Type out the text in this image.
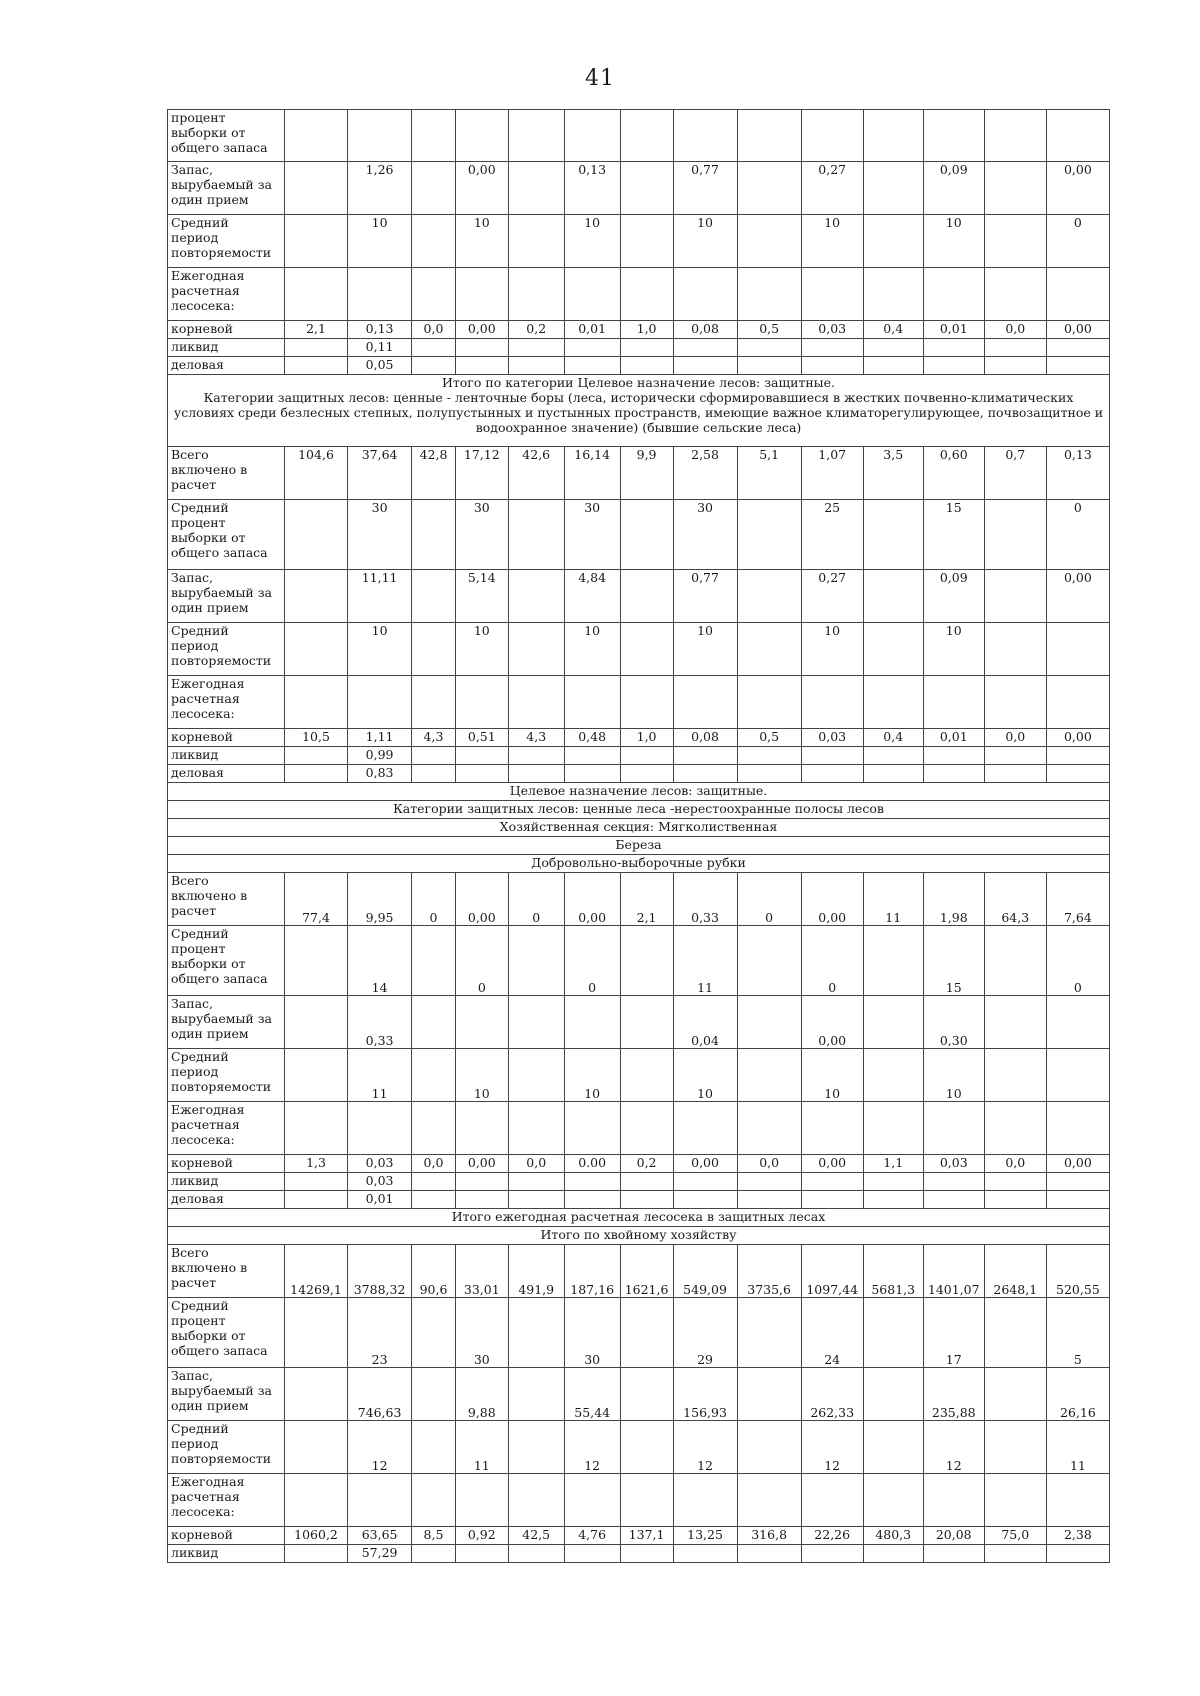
41
процент
выборки от
общего запаса														
Запас,
вырубаемый за
один прием		1,26		0,00		0,13		0,77		0,27		0,09		0,00
Средний
период
повторяемости		10		10		10		10		10		10		0
Ежегодная
расчетная
лесосека:														
корневой	2,1	0,13	0,0	0,00	0,2	0,01	1,0	0,08	0,5	0,03	0,4	0,01	0,0	0,00
ликвид		0,11												
деловая		0,05												

Итого по категории Целевое назначение лесов: защитные.
Категории защитных лесов: ценные - ленточные боры (леса, исторически сформировавшиеся в жестких почвенно-климатических условиях среди безлесных степных, полупустынных и пустынных пространств, имеющие важное климаторегулирующее, почвозащитное и водоохранное значение) (бывшие сельские леса)														

Всего
включено в
расчет	104,6	37,64	42,8	17,12	42,6	16,14	9,9	2,58	5,1	1,07	3,5	0,60	0,7	0,13
Средний
процент
выборки от
общего запаса		30		30		30		30		25		15		0
Запас,
вырубаемый за
один прием		11,11		5,14		4,84		0,77		0,27		0,09		0,00
Средний
период
повторяемости		10		10		10		10		10		10		
Ежегодная
расчетная
лесосека:														
корневой	10,5	1,11	4,3	0,51	4,3	0,48	1,0	0,08	0,5	0,03	0,4	0,01	0,0	0,00
ликвид		0,99												
деловая		0,83												

Целевое назначение лесов: защитные.														

Категории защитных лесов: ценные леса -нерестоохранные полосы лесов														

Хозяйственная секция: Мягколиственная														

Береза														

Добровольно-выборочные рубки														

Всего
включено в
расчет	77,4	9,95	0	0,00	0	0,00	2,1	0,33	0	0,00	11	1,98	64,3	7,64
Средний
процент
выборки от
общего запаса		14		0		0		11		0		15		0
Запас,
вырубаемый за
один прием		0,33						0,04		0,00		0,30		
Средний
период
повторяемости		11		10		10		10		10		10		
Ежегодная
расчетная
лесосека:														
корневой	1,3	0,03	0,0	0,00	0,0	0.00	0,2	0,00	0,0	0,00	1,1	0,03	0,0	0,00
ликвид		0,03												
деловая		0,01												

Итого ежегодная расчетная лесосека в защитных лесах														

Итого по хвойному хозяйству														

Всего
включено в
расчет	14269,1	3788,32	90,6	33,01	491,9	187,16	1621,6	549,09	3735,6	1097,44	5681,3	1401,07	2648,1	520,55
Средний
процент
выборки от
общего запаса		23		30		30		29		24		17		5
Запас,
вырубаемый за
один прием		746,63		9,88		55,44		156,93		262,33		235,88		26,16
Средний
период
повторяемости		12		11		12		12		12		12		11
Ежегодная
расчетная
лесосека:														
корневой	1060,2	63,65	8,5	0,92	42,5	4,76	137,1	13,25	316,8	22,26	480,3	20,08	75,0	2,38
ликвид		57,29												
